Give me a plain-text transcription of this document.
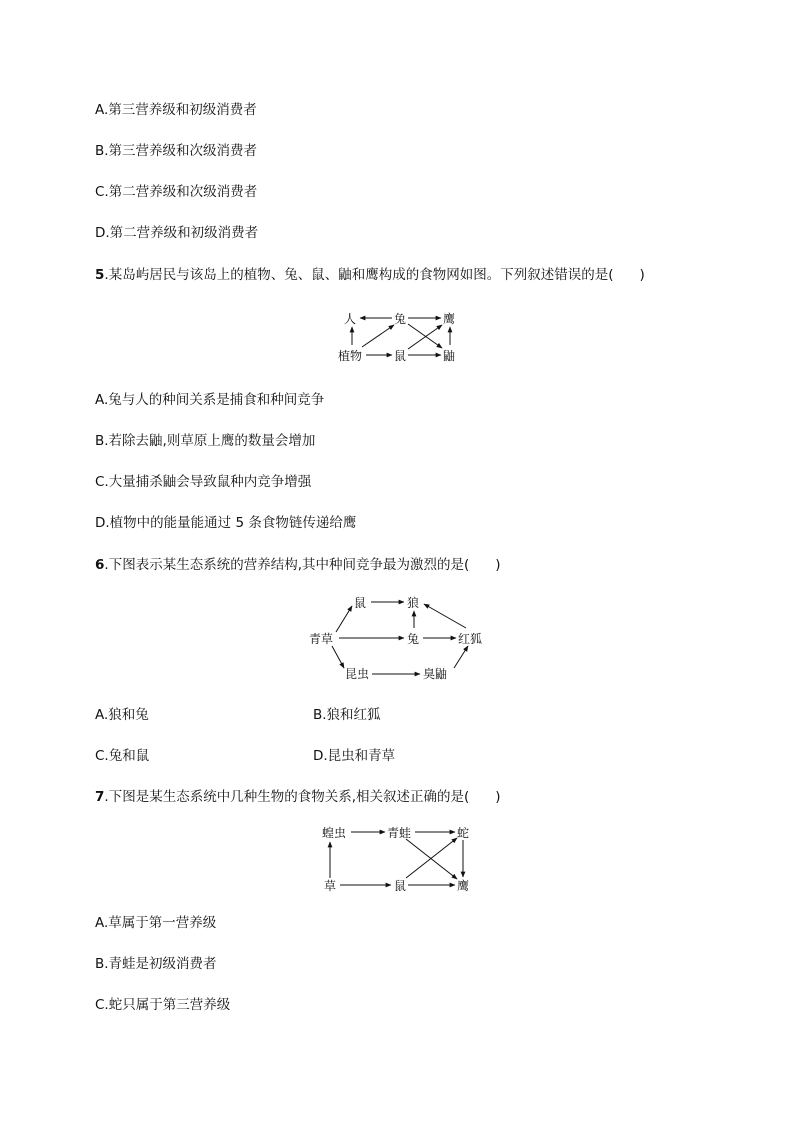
A.第三营养级和初级消费者
B.第三营养级和次级消费者
C.第二营养级和次级消费者
D.第二营养级和初级消费者
5.某岛屿居民与该岛上的植物、兔、鼠、鼬和鹰构成的食物网如图。下列叙述错误的是( )
人	兔	鹰
植物	鼠	鼬
A.兔与人的种间关系是捕食和种间竞争
B.若除去鼬,则草原上鹰的数量会增加
C.大量捕杀鼬会导致鼠种内竞争增强
D.植物中的能量能通过 5 条食物链传递给鹰
6.下图表示某生态系统的营养结构,其中种间竞争最为激烈的是( )
鼠	狼
青草	兔	红狐
昆虫	臭鼬
A.狼和兔	B.狼和红狐
C.兔和鼠	D.昆虫和青草
7.下图是某生态系统中几种生物的食物关系,相关叙述正确的是( )
蝗虫	青蛙	蛇
草	鼠	鹰
A.草属于第一营养级
B.青蛙是初级消费者
C.蛇只属于第三营养级
